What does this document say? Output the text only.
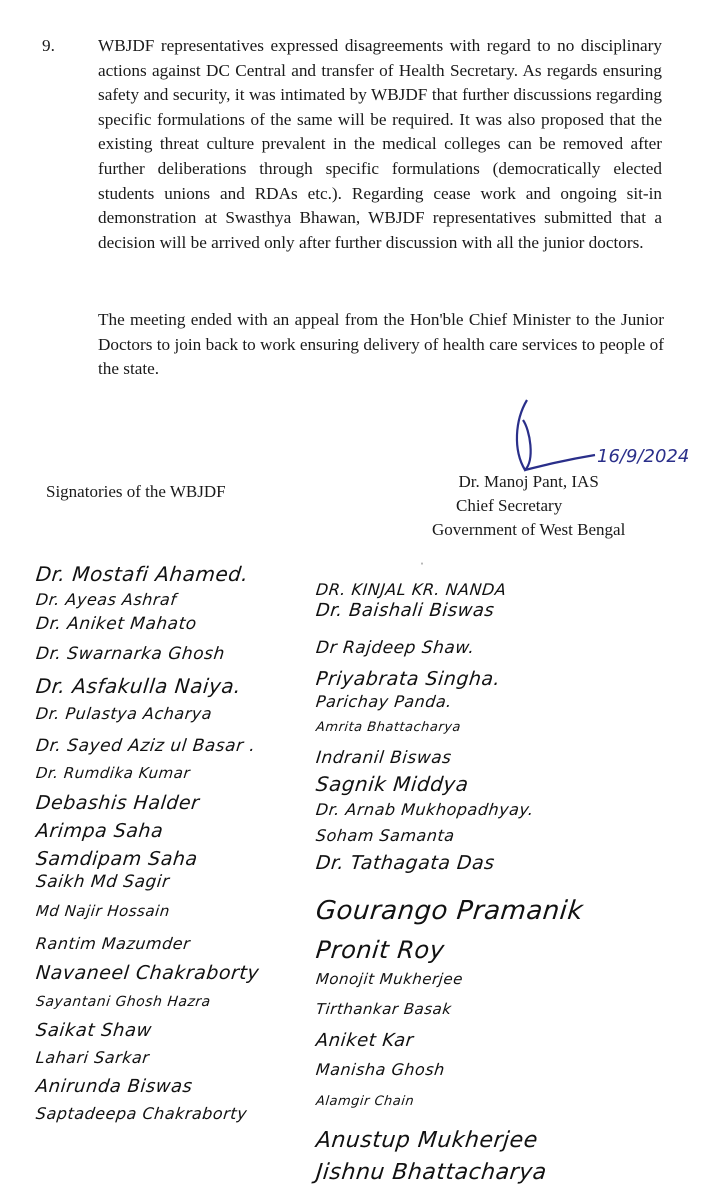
9.	WBJDF representatives expressed disagreements with regard to no disciplinary actions against DC Central and transfer of Health Secretary. As regards ensuring safety and security, it was intimated by WBJDF that further discussions regarding specific formulations of the same will be required. It was also proposed that the existing threat culture prevalent in the medical colleges can be removed after further deliberations through specific formulations (democratically elected students unions and RDAs etc.). Regarding cease work and ongoing sit-in demonstration at Swasthya Bhawan, WBJDF representatives submitted that a decision will be arrived only after further discussion with all the junior doctors.

The meeting ended with an appeal from the Hon'ble Chief Minister to the Junior Doctors to join back to work ensuring delivery of health care services to people of the state.

16/9/2024
Signatories of the WBJDF
Dr. Manoj Pant, IAS
Chief Secretary
Government of West Bengal
ˈ
Dr. Mostafi Ahamed.
Dr. Ayeas Ashraf
Dr. Aniket Mahato
Dr. Swarnarka Ghosh
Dr. Asfakulla Naiya.
Dr. Pulastya Acharya
Dr. Sayed Aziz ul Basar .
Dr. Rumdika Kumar
Debashis Halder
Arimpa Saha
Samdipam Saha
Saikh Md Sagir
Md Najir Hossain
Rantim Mazumder
Navaneel Chakraborty
Sayantani Ghosh Hazra
Saikat Shaw
Lahari Sarkar
Anirunda Biswas
Saptadeepa Chakraborty
DR. KINJAL KR. NANDA
Dr. Baishali Biswas
Dr Rajdeep Shaw.
Priyabrata Singha.
Parichay Panda.
Amrita Bhattacharya
Indranil Biswas
Sagnik Middya
Dr. Arnab Mukhopadhyay.
Soham Samanta
Dr. Tathagata Das
Gourango Pramanik
Pronit Roy
Monojit Mukherjee
Tirthankar Basak
Aniket Kar
Manisha Ghosh
Alamgir Chain
Anustup Mukherjee
Jishnu Bhattacharya
